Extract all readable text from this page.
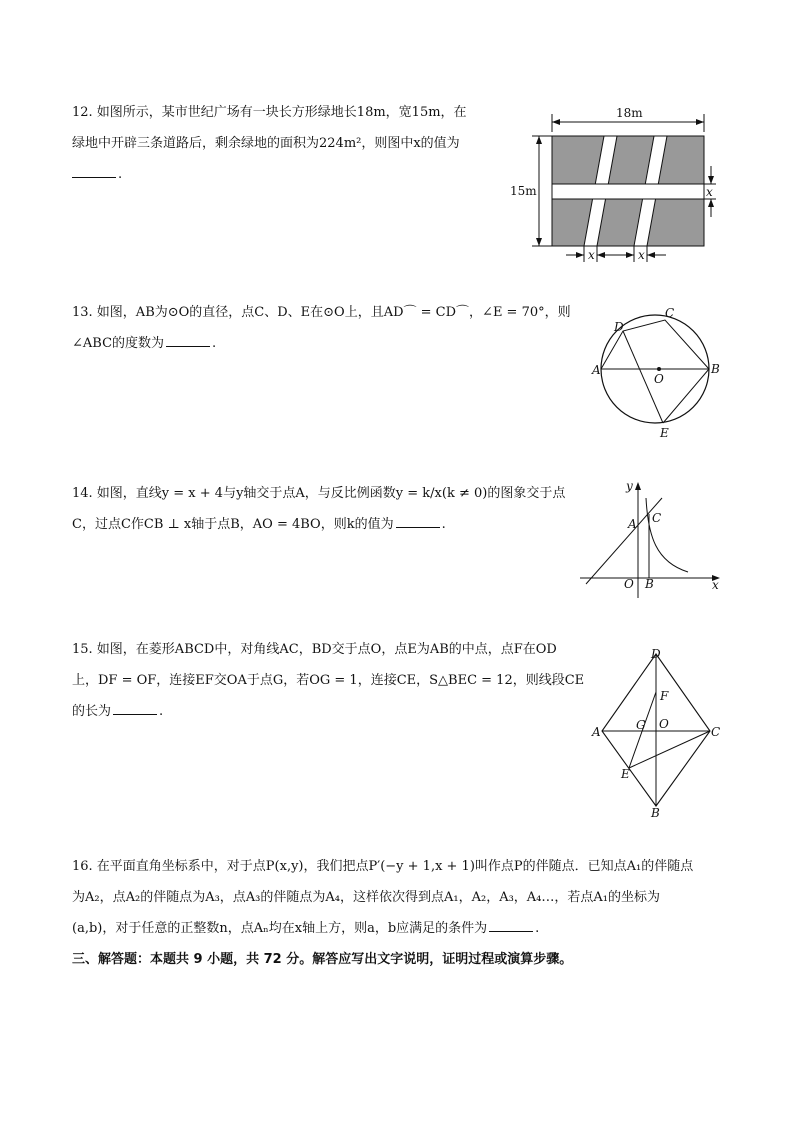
12. 如图所示，某市世纪广场有一块长方形绿地长18m，宽15m，在
绿地中开辟三条道路后，剩余绿地的面积为224m²，则图中x的值为
.
18m
15m	x
x	x
13. 如图，AB为⊙O的直径，点C、D、E在⊙O上，且AD⌒ = CD⌒，∠E = 70°，则
∠ABC的度数为	.
A	B
C
D
E
O
14. 如图，直线y = x + 4与y轴交于点A，与反比例函数y = k/x(k ≠ 0)的图象交于点
C，过点C作CB ⊥ x轴于点B，AO = 4BO，则k的值为	.
y
x
A C
O B
15. 如图，在菱形ABCD中，对角线AC，BD交于点O，点E为AB的中点，点F在OD
上，DF = OF，连接EF交OA于点G，若OG = 1，连接CE，S△BEC = 12，则线段CE
的长为	.
D
A	C
B
E
F
G O
16. 在平面直角坐标系中，对于点P(x,y)，我们把点P′(−y + 1,x + 1)叫作点P的伴随点．已知点A₁的伴随点
为A₂，点A₂的伴随点为A₃，点A₃的伴随点为A₄，这样依次得到点A₁，A₂，A₃，A₄…，若点A₁的坐标为
(a,b)，对于任意的正整数n，点Aₙ均在x轴上方，则a，b应满足的条件为	.
三、解答题：本题共 9 小题，共 72 分。解答应写出文字说明，证明过程或演算步骤。
